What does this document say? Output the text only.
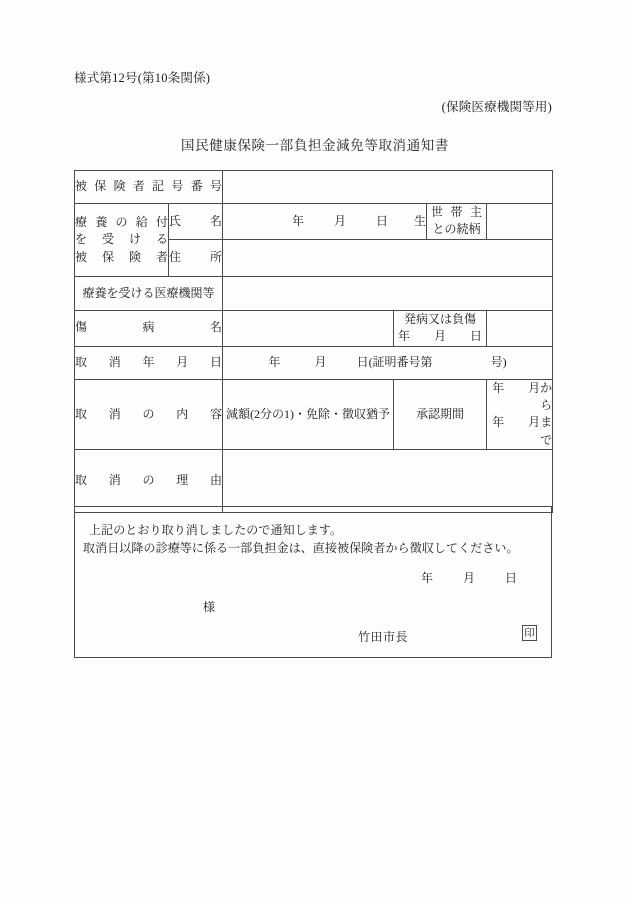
様式第12号(第10条関係)
(保険医療機関等用)
国民健康保険一部負担金減免等取消通知書
被保険者記号番号					

療養の給付
を受ける
被保険者	氏　名	年 月 日 生		世帯主
との続柄	

	住　所				
療養を受ける医療機関等					
傷　病　名			発病又は負傷
年　月　日		

取消年月日		年 月 日(証明番号第 号)			
取消の内容		減額(2分の1)・免除・徴収猶予	承認期間		年　　月から
年　　月まで

取消の理由					
上記のとおり取り消しましたので通知します。
取消日以降の診療等に係る一部負担金は、直接被保険者から徴収してください。
年	月	日
様
竹田市長	印
